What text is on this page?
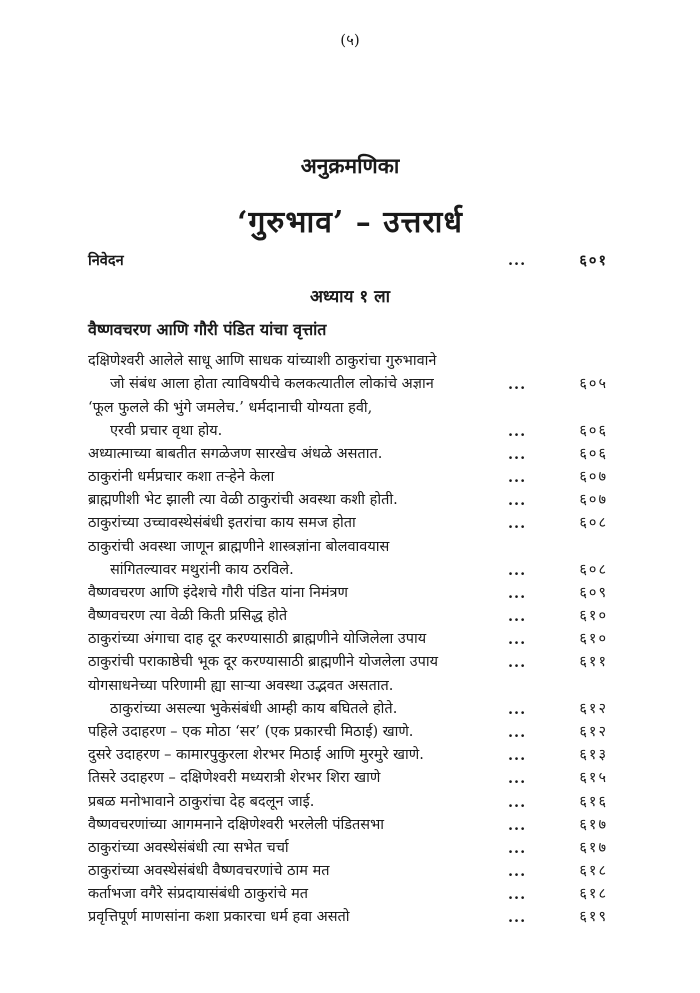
(५)
अनुक्रमणिका
‘गुरुभाव’ – उत्तरार्ध
निवेदन	...	६०१
अध्याय १ ला
वैष्णवचरण आणि गौरी पंडित यांचा वृत्तांत
दक्षिणेश्वरी आलेले साधू आणि साधक यांच्याशी ठाकुरांचा गुरुभावाने
जो संबंध आला होता त्याविषयीचे कलकत्यातील लोकांचे अज्ञान	...	६०५
‘फूल फुलले की भुंगे जमलेच.’ धर्मदानाची योग्यता हवी,
एरवी प्रचार वृथा होय.	...	६०६
अध्यात्माच्या बाबतीत सगळेजण सारखेच अंधळे असतात.	...	६०६
ठाकुरांनी धर्मप्रचार कशा तऱ्हेने केला	...	६०७
ब्राह्मणीशी भेट झाली त्या वेळी ठाकुरांची अवस्था कशी होती.	...	६०७
ठाकुरांच्या उच्चावस्थेसंबंधी इतरांचा काय समज होता	...	६०८
ठाकुरांची अवस्था जाणून ब्राह्मणीने शास्त्रज्ञांना बोलवावयास
सांगितल्यावर मथुरांनी काय ठरविले.	...	६०८
वैष्णवचरण आणि इंदेशचे गौरी पंडित यांना निमंत्रण	...	६०९
वैष्णवचरण त्या वेळी किती प्रसिद्ध होते	...	६१०
ठाकुरांच्या अंगाचा दाह दूर करण्यासाठी ब्राह्मणीने योजिलेला उपाय	...	६१०
ठाकुरांची पराकाष्ठेची भूक दूर करण्यासाठी ब्राह्मणीने योजलेला उपाय	...	६११
योगसाधनेच्या परिणामी ह्या साऱ्या अवस्था उद्भवत असतात.
ठाकुरांच्या असल्या भुकेसंबंधी आम्ही काय बघितले होते.	...	६१२
पहिले उदाहरण – एक मोठा ‘सर’ (एक प्रकारची मिठाई) खाणे.	...	६१२
दुसरे उदाहरण – कामारपुकुरला शेरभर मिठाई आणि मुरमुरे खाणे.	...	६१३
तिसरे उदाहरण – दक्षिणेश्वरी मध्यरात्री शेरभर शिरा खाणे	...	६१५
प्रबळ मनोभावाने ठाकुरांचा देह बदलून जाई.	...	६१६
वैष्णवचरणांच्या आगमनाने दक्षिणेश्वरी भरलेली पंडितसभा	...	६१७
ठाकुरांच्या अवस्थेसंबंधी त्या सभेत चर्चा	...	६१७
ठाकुरांच्या अवस्थेसंबंधी वैष्णवचरणांचे ठाम मत	...	६१८
कर्ताभजा वगैरे संप्रदायासंबंधी ठाकुरांचे मत	...	६१८
प्रवृत्तिपूर्ण माणसांना कशा प्रकारचा धर्म हवा असतो	...	६१९
